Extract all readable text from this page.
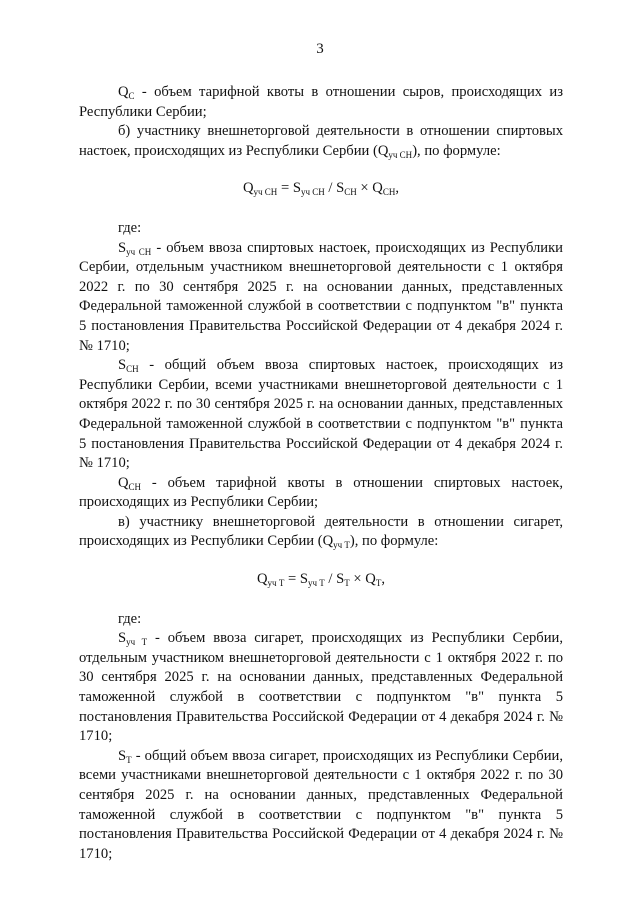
3

$Q_С$ - объем тарифной квоты в отношении сыров, происходящих из Республики Сербии;

б) участнику внешнеторговой деятельности в отношении спиртовых настоек, происходящих из Республики Сербии $(Q_{уч СН})$, по формуле:

$Q_{уч СН} = S_{уч СН} / S_{СН} \times Q_{СН}$,

где:

$S_{уч СН}$ - объем ввоза спиртовых настоек, происходящих из Республики Сербии, отдельным участником внешнеторговой деятельности с 1 октября 2022 г. по 30 сентября 2025 г. на основании данных, представленных Федеральной таможенной службой в соответствии с подпунктом "в" пункта 5 постановления Правительства Российской Федерации от 4 декабря 2024 г. № 1710;

$S_{СН}$ - общий объем ввоза спиртовых настоек, происходящих из Республики Сербии, всеми участниками внешнеторговой деятельности с 1 октября 2022 г. по 30 сентября 2025 г. на основании данных, представленных Федеральной таможенной службой в соответствии с подпунктом "в" пункта 5 постановления Правительства Российской Федерации от 4 декабря 2024 г. № 1710;

$Q_{СН}$ - объем тарифной квоты в отношении спиртовых настоек, происходящих из Республики Сербии;

в) участнику внешнеторговой деятельности в отношении сигарет, происходящих из Республики Сербии $(Q_{уч Т})$, по формуле:

$Q_{уч Т} = S_{уч Т} / S_Т \times Q_Т$,

где:

$S_{уч Т}$ - объем ввоза сигарет, происходящих из Республики Сербии, отдельным участником внешнеторговой деятельности с 1 октября 2022 г. по 30 сентября 2025 г. на основании данных, представленных Федеральной таможенной службой в соответствии с подпунктом "в" пункта 5 постановления Правительства Российской Федерации от 4 декабря 2024 г. № 1710;

$S_Т$ - общий объем ввоза сигарет, происходящих из Республики Сербии, всеми участниками внешнеторговой деятельности с 1 октября 2022 г. по 30 сентября 2025 г. на основании данных, представленных Федеральной таможенной службой в соответствии с подпунктом "в" пункта 5 постановления Правительства Российской Федерации от 4 декабря 2024 г. № 1710;
